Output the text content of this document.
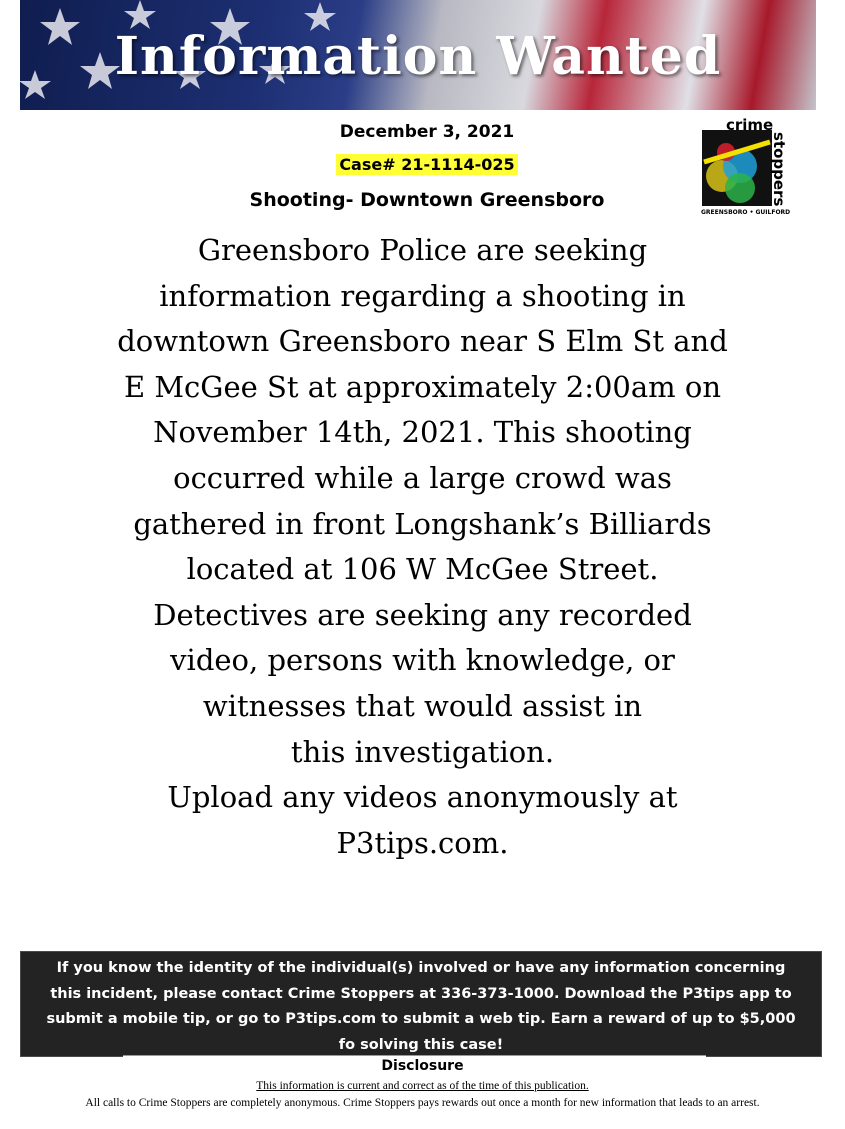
Information Wanted
December 3, 2021
Case# 21-1114-025
Shooting- Downtown Greensboro
crime
stoppers
GREENSBORO • GUILFORD
Greensboro Police are seeking
information regarding a shooting in
downtown Greensboro near S Elm St and
E McGee St at approximately 2:00am on
November 14th, 2021. This shooting
occurred while a large crowd was
gathered in front Longshank’s Billiards
located at 106 W McGee Street.
Detectives are seeking any recorded
video, persons with knowledge, or
witnesses that would assist in
this investigation.
Upload any videos anonymously at
P3tips.com.
If you know the identity of the individual(s) involved or have any information concerning
this incident, please contact Crime Stoppers at 336-373-1000. Download the P3tips app to
submit a mobile tip, or go to P3tips.com to submit a web tip. Earn a reward of up to $5,000
fo solving this case!
Disclosure
This information is current and correct as of the time of this publication.
All calls to Crime Stoppers are completely anonymous. Crime Stoppers pays rewards out once a month for new information that leads to an arrest.
